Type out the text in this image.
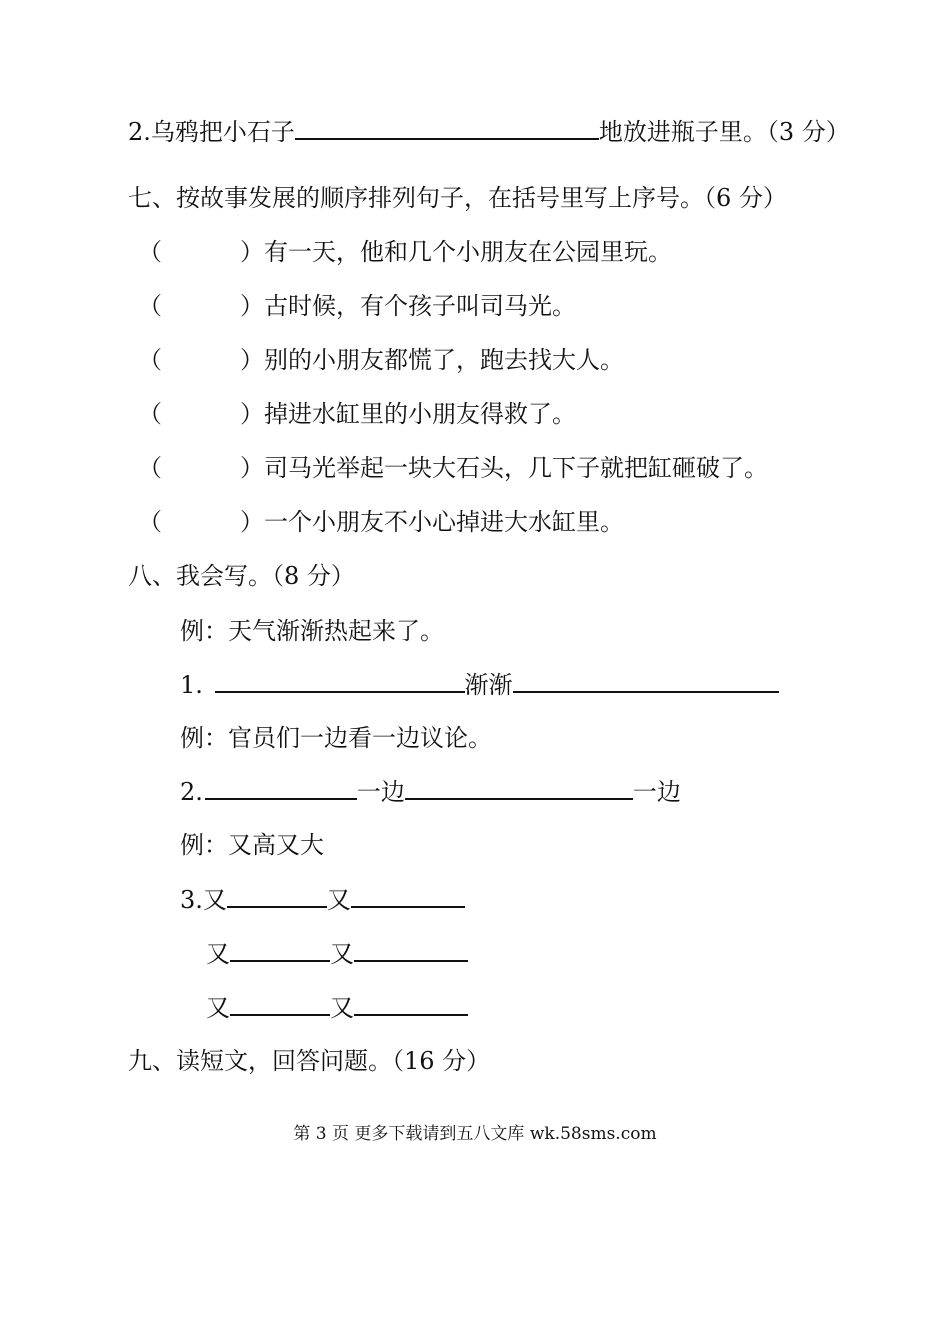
2.乌鸦把小石子	地放进瓶子里。（3 分）
七、按故事发展的顺序排列句子，在括号里写上序号。（6 分）
（	）有一天，他和几个小朋友在公园里玩。
（	）古时候，有个孩子叫司马光。
（	）别的小朋友都慌了，跑去找大人。
（	）掉进水缸里的小朋友得救了。
（	）司马光举起一块大石头，几下子就把缸砸破了。
（	）一个小朋友不小心掉进大水缸里。
八、我会写。（8 分）
例：天气渐渐热起来了。
1.	渐渐
例：官员们一边看一边议论。
2.	一边	一边
例：又高又大
3.又	又
又	又
又	又
九、读短文，回答问题。（16 分）
第 3 页 更多下载请到五八文库 wk.58sms.com
